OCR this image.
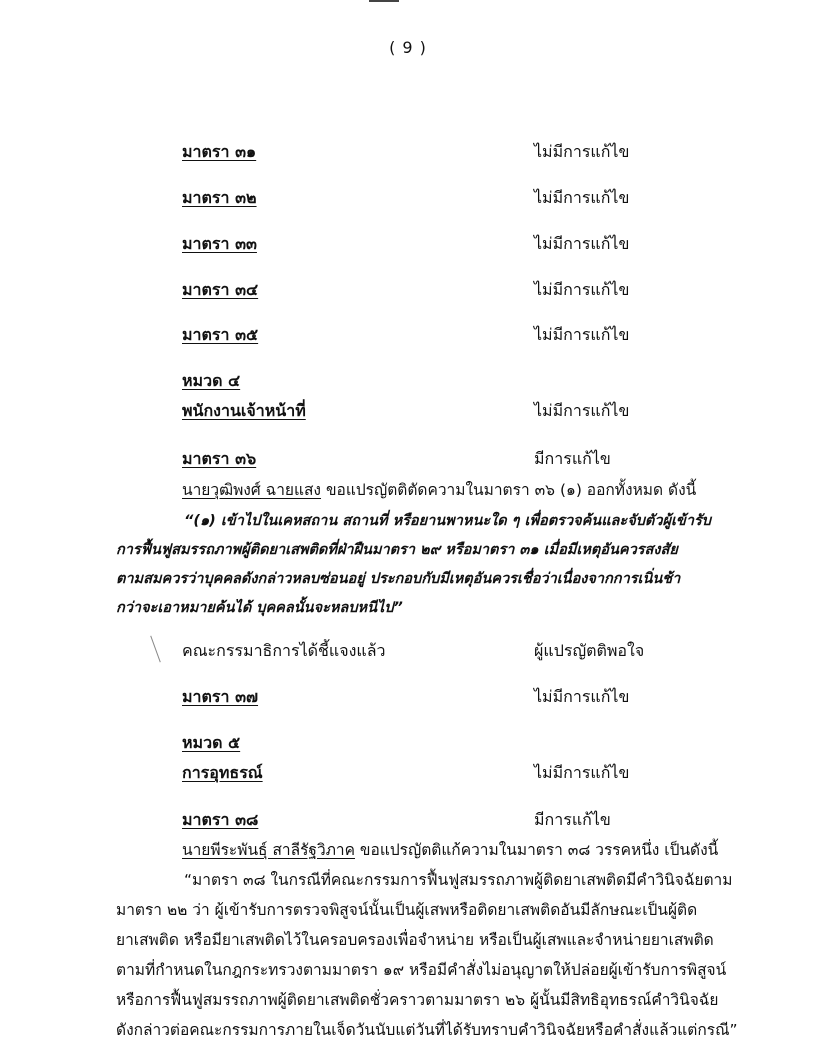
( 9 )
มาตรา ๓๑	ไม่มีการแก้ไข
มาตรา ๓๒	ไม่มีการแก้ไข
มาตรา ๓๓	ไม่มีการแก้ไข
มาตรา ๓๔	ไม่มีการแก้ไข
มาตรา ๓๕	ไม่มีการแก้ไข
หมวด ๔
พนักงานเจ้าหน้าที่	ไม่มีการแก้ไข
มาตรา ๓๖	มีการแก้ไข
นายวุฒิพงศ์ ฉายแสง ขอแปรญัตติตัดความในมาตรา ๓๖ (๑) ออกทั้งหมด ดังนี้
“(๑) เข้าไปในเคหสถาน สถานที่ หรือยานพาหนะใด ๆ เพื่อตรวจค้นและจับตัวผู้เข้ารับ
การฟื้นฟูสมรรถภาพผู้ติดยาเสพติดที่ฝ่าฝืนมาตรา ๒๙ หรือมาตรา ๓๑ เมื่อมีเหตุอันควรสงสัย
ตามสมควรว่าบุคคลดังกล่าวหลบซ่อนอยู่ ประกอบกับมีเหตุอันควรเชื่อว่าเนื่องจากการเนิ่นช้า
กว่าจะเอาหมายค้นได้ บุคคลนั้นจะหลบหนีไป”
คณะกรรมาธิการได้ชี้แจงแล้ว	ผู้แปรญัตติพอใจ
มาตรา ๓๗	ไม่มีการแก้ไข
หมวด ๕
การอุทธรณ์	ไม่มีการแก้ไข
มาตรา ๓๘	มีการแก้ไข
นายพีระพันธุ์ สาลีรัฐวิภาค ขอแปรญัตติแก้ความในมาตรา ๓๘ วรรคหนึ่ง เป็นดังนี้
“มาตรา ๓๘ ในกรณีที่คณะกรรมการฟื้นฟูสมรรถภาพผู้ติดยาเสพติดมีคำวินิจฉัยตาม
มาตรา ๒๒ ว่า ผู้เข้ารับการตรวจพิสูจน์นั้นเป็นผู้เสพหรือติดยาเสพติดอันมีลักษณะเป็นผู้ติด
ยาเสพติด หรือมียาเสพติดไว้ในครอบครองเพื่อจำหน่าย หรือเป็นผู้เสพและจำหน่ายยาเสพติด
ตามที่กำหนดในกฎกระทรวงตามมาตรา ๑๙ หรือมีคำสั่งไม่อนุญาตให้ปล่อยผู้เข้ารับการพิสูจน์
หรือการฟื้นฟูสมรรถภาพผู้ติดยาเสพติดชั่วคราวตามมาตรา ๒๖ ผู้นั้นมีสิทธิอุทธรณ์คำวินิจฉัย
ดังกล่าวต่อคณะกรรมการภายในเจ็ดวันนับแต่วันที่ได้รับทราบคำวินิจฉัยหรือคำสั่งแล้วแต่กรณี”
